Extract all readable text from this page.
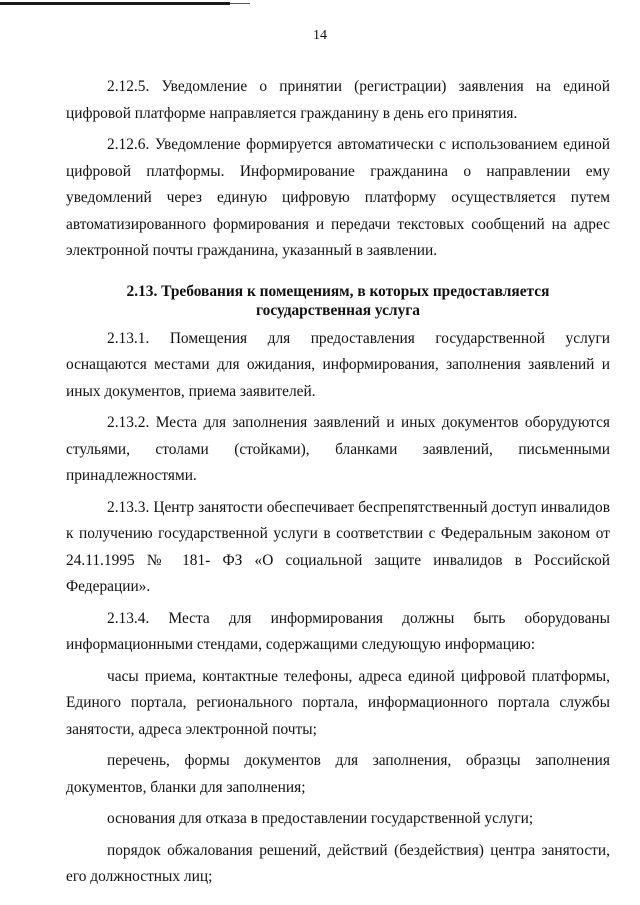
14

2.12.5. Уведомление о принятии (регистрации) заявления на единой цифровой платформе направляется гражданину в день его принятия.

2.12.6. Уведомление формируется автоматически с использованием единой цифровой платформы. Информирование гражданина о направлении ему уведомлений через единую цифровую платформу осуществляется путем автоматизированного формирования и передачи текстовых сообщений на адрес электронной почты гражданина, указанный в заявлении.

2.13. Требования к помещениям, в которых предоставляется
государственная услуга

2.13.1. Помещения для предоставления государственной услуги оснащаются местами для ожидания, информирования, заполнения заявлений и иных документов, приема заявителей.

2.13.2. Места для заполнения заявлений и иных документов оборудуются стульями, столами (стойками), бланками заявлений, письменными принадлежностями.

2.13.3. Центр занятости обеспечивает беспрепятственный доступ инвалидов к получению государственной услуги в соответствии с Федеральным законом от 24.11.1995 № 181- ФЗ «О социальной защите инвалидов в Российской Федерации».

2.13.4. Места для информирования должны быть оборудованы информационными стендами, содержащими следующую информацию:

часы приема, контактные телефоны, адреса единой цифровой платформы, Единого портала, регионального портала, информационного портала службы занятости, адреса электронной почты;

перечень, формы документов для заполнения, образцы заполнения документов, бланки для заполнения;

основания для отказа в предоставлении государственной услуги;

порядок обжалования решений, действий (бездействия) центра занятости, его должностных лиц;
